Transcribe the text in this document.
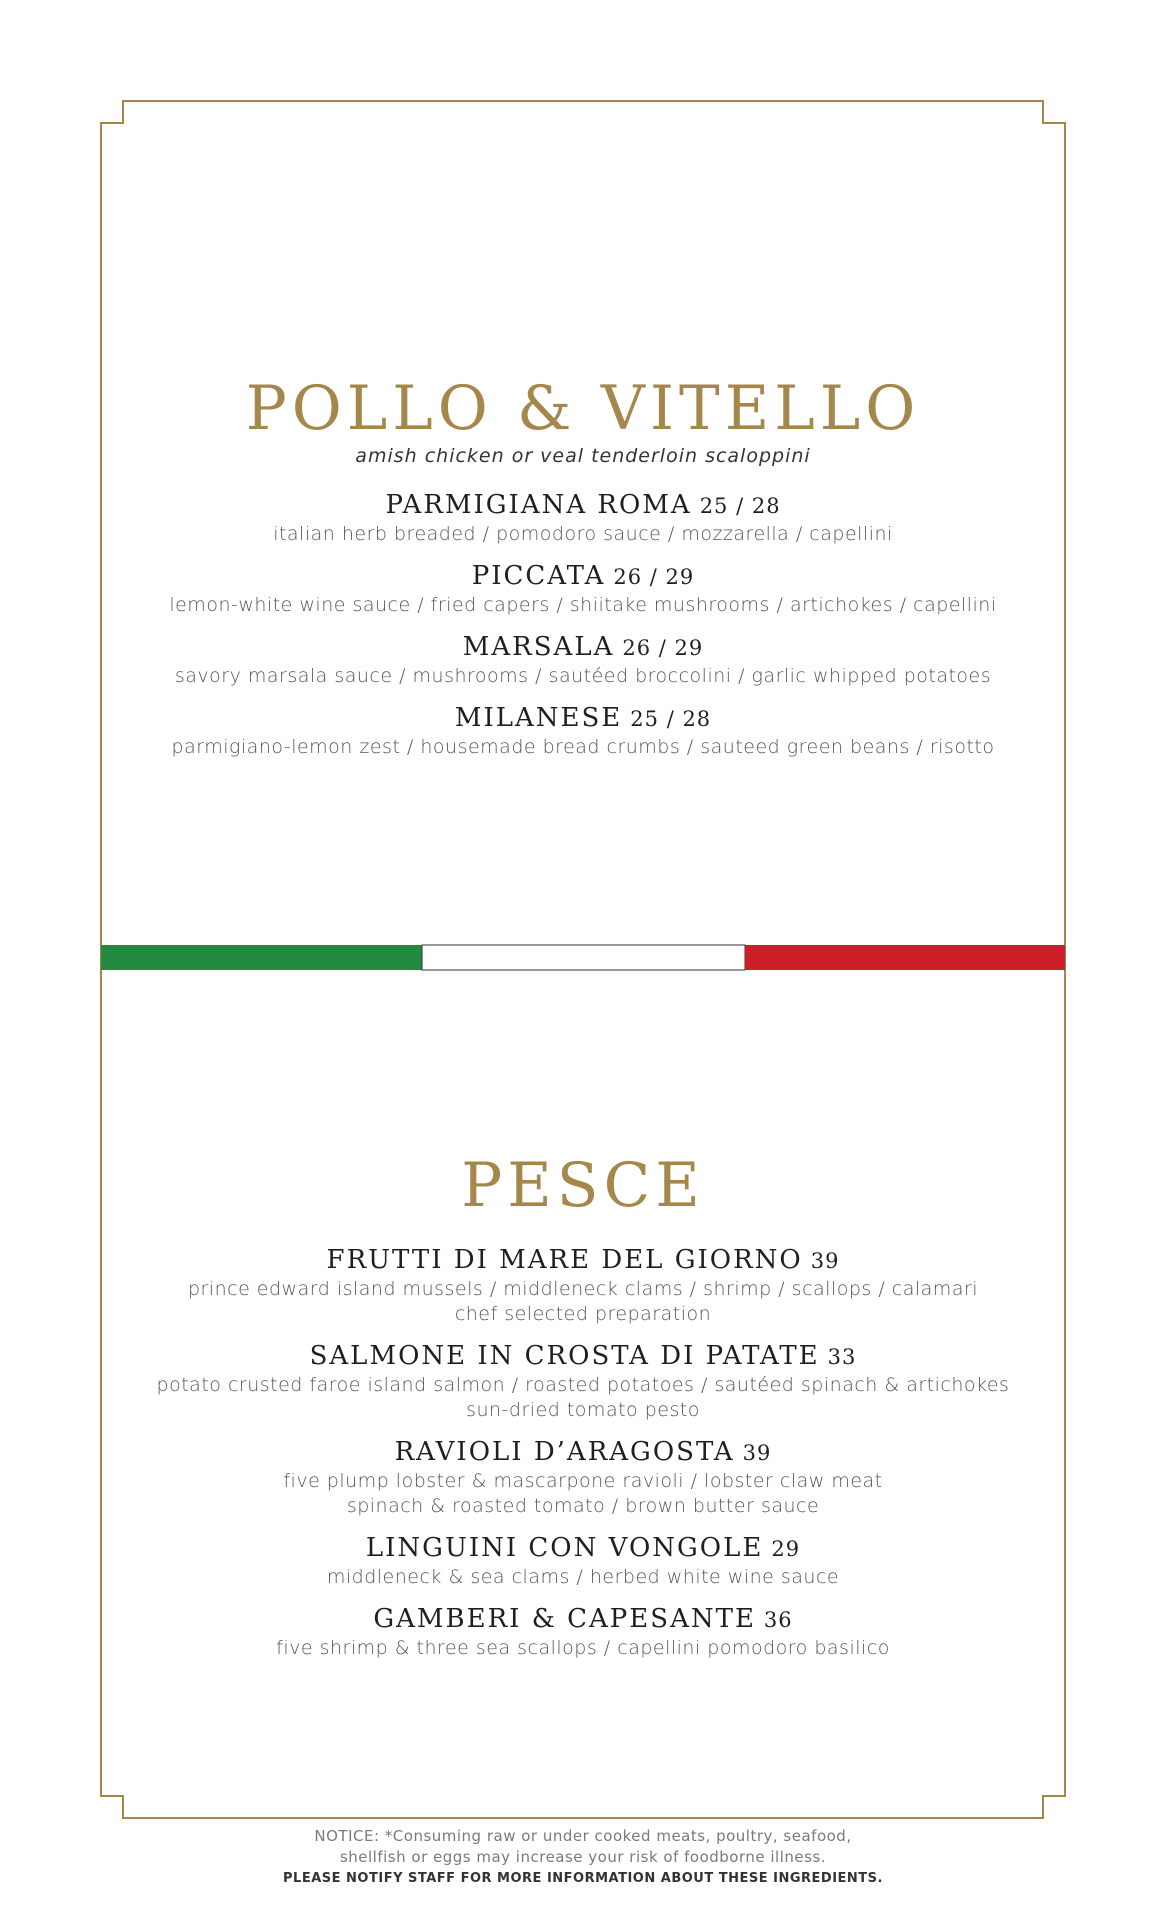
POLLO & VITELLO
amish chicken or veal tenderloin scaloppini
PARMIGIANA ROMA 25 / 28
italian herb breaded / pomodoro sauce / mozzarella / capellini
PICCATA 26 / 29
lemon-white wine sauce / fried capers / shiitake mushrooms / artichokes / capellini
MARSALA 26 / 29
savory marsala sauce / mushrooms / sautéed broccolini / garlic whipped potatoes
MILANESE 25 / 28
parmigiano-lemon zest / housemade bread crumbs / sauteed green beans / risotto
PESCE
FRUTTI DI MARE DEL GIORNO 39
prince edward island mussels / middleneck clams / shrimp / scallops / calamari
chef selected preparation
SALMONE IN CROSTA DI PATATE 33
potato crusted faroe island salmon / roasted potatoes / sautéed spinach & artichokes
sun-dried tomato pesto
RAVIOLI D’ARAGOSTA 39
five plump lobster & mascarpone ravioli / lobster claw meat
spinach & roasted tomato / brown butter sauce
LINGUINI CON VONGOLE 29
middleneck & sea clams / herbed white wine sauce
GAMBERI & CAPESANTE 36
five shrimp & three sea scallops / capellini pomodoro basilico
NOTICE: *Consuming raw or under cooked meats, poultry, seafood,
shellfish or eggs may increase your risk of foodborne illness.
PLEASE NOTIFY STAFF FOR MORE INFORMATION ABOUT THESE INGREDIENTS.
